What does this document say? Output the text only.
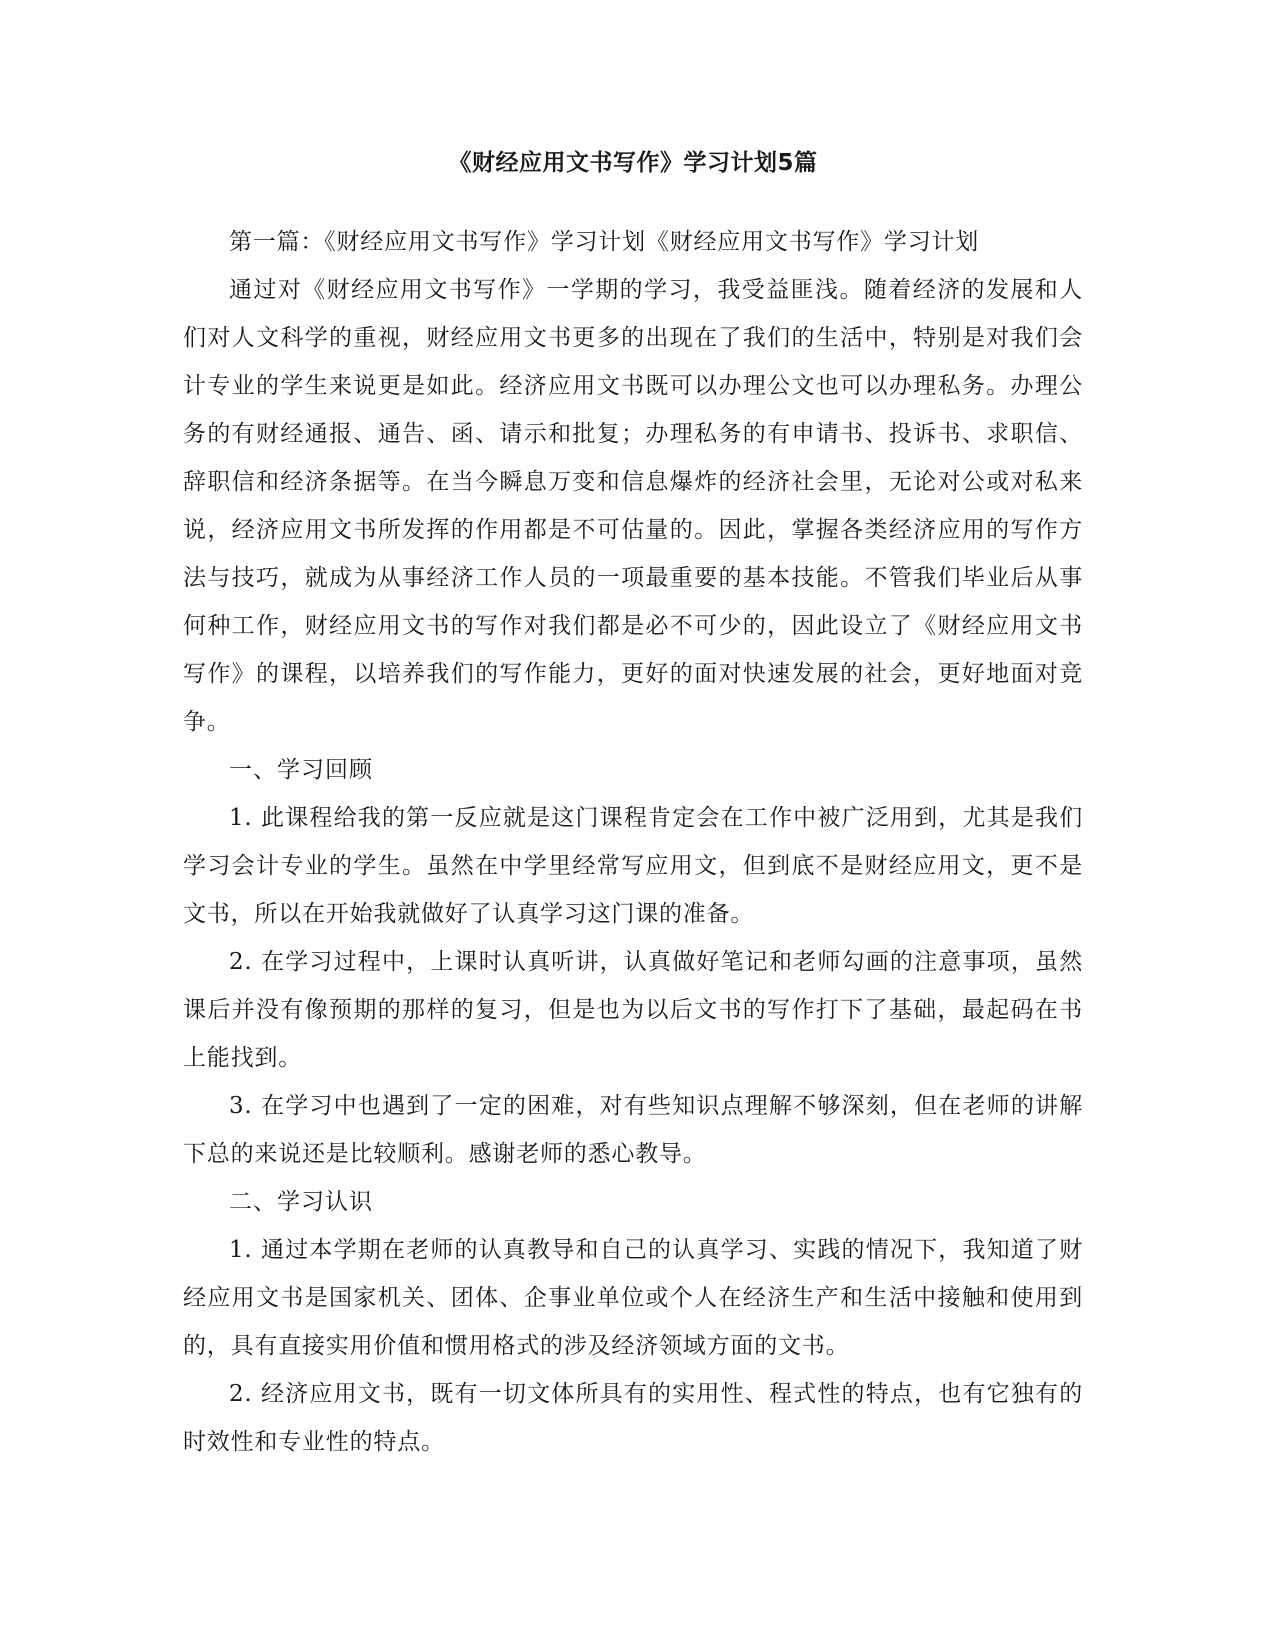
《财经应用文书写作》学习计划5篇

第一篇：《财经应用文书写作》学习计划《财经应用文书写作》学习计划

通过对《财经应用文书写作》一学期的学习，我受益匪浅。随着经济的发展和人们对人文科学的重视，财经应用文书更多的出现在了我们的生活中，特别是对我们会计专业的学生来说更是如此。经济应用文书既可以办理公文也可以办理私务。办理公务的有财经通报、通告、函、请示和批复；办理私务的有申请书、投诉书、求职信、辞职信和经济条据等。在当今瞬息万变和信息爆炸的经济社会里，无论对公或对私来说，经济应用文书所发挥的作用都是不可估量的。因此，掌握各类经济应用的写作方法与技巧，就成为从事经济工作人员的一项最重要的基本技能。不管我们毕业后从事何种工作，财经应用文书的写作对我们都是必不可少的，因此设立了《财经应用文书写作》的课程，以培养我们的写作能力，更好的面对快速发展的社会，更好地面对竞争。

一、学习回顾

1. 此课程给我的第一反应就是这门课程肯定会在工作中被广泛用到，尤其是我们学习会计专业的学生。虽然在中学里经常写应用文，但到底不是财经应用文，更不是文书，所以在开始我就做好了认真学习这门课的准备。

2. 在学习过程中，上课时认真听讲，认真做好笔记和老师勾画的注意事项，虽然课后并没有像预期的那样的复习，但是也为以后文书的写作打下了基础，最起码在书上能找到。

3. 在学习中也遇到了一定的困难，对有些知识点理解不够深刻，但在老师的讲解下总的来说还是比较顺利。感谢老师的悉心教导。

二、学习认识

1. 通过本学期在老师的认真教导和自己的认真学习、实践的情况下，我知道了财经应用文书是国家机关、团体、企事业单位或个人在经济生产和生活中接触和使用到的，具有直接实用价值和惯用格式的涉及经济领域方面的文书。

2. 经济应用文书，既有一切文体所具有的实用性、程式性的特点，也有它独有的时效性和专业性的特点。
